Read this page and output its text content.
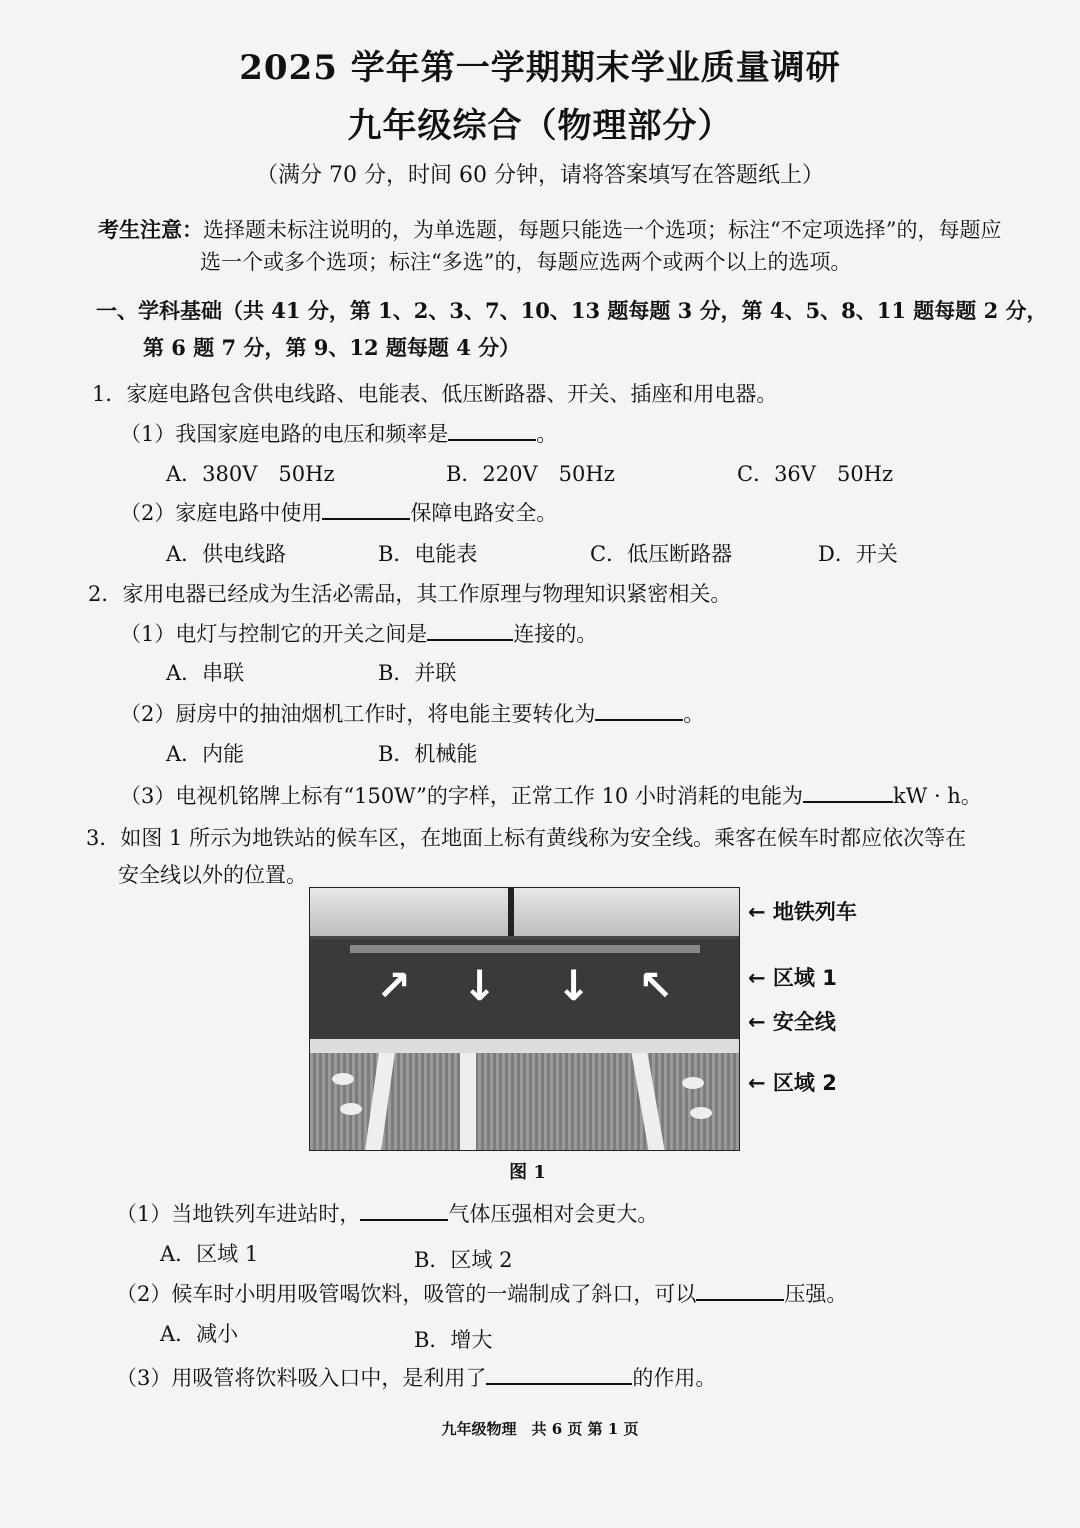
2025 学年第一学期期末学业质量调研
九年级综合（物理部分）
（满分 70 分，时间 60 分钟，请将答案填写在答题纸上）
考生注意：选择题未标注说明的，为单选题，每题只能选一个选项；标注“不定项选择”的，每题应
选一个或多个选项；标注“多选”的，每题应选两个或两个以上的选项。
一、学科基础（共 41 分，第 1、2、3、7、10、13 题每题 3 分，第 4、5、8、11 题每题 2 分，
第 6 题 7 分，第 9、12 题每题 4 分）
1．家庭电路包含供电线路、电能表、低压断路器、开关、插座和用电器。
（1）我国家庭电路的电压和频率是	。
A．380V　50Hz	B．220V　50Hz	C．36V　50Hz
（2）家庭电路中使用	保障电路安全。
A．供电线路	B．电能表	C．低压断路器	D．开关
2．家用电器已经成为生活必需品，其工作原理与物理知识紧密相关。
（1）电灯与控制它的开关之间是	连接的。
A．串联	B．并联
（2）厨房中的抽油烟机工作时，将电能主要转化为	。
A．内能	B．机械能
（3）电视机铭牌上标有“150W”的字样，正常工作 10 小时消耗的电能为	kW · h。
3．如图 1 所示为地铁站的候车区，在地面上标有黄线称为安全线。乘客在候车时都应依次等在
安全线以外的位置。
↗ ↓ ↓ ↖
← 地铁列车
← 区域 1
← 安全线
← 区域 2
图 1
（1）当地铁列车进站时，	气体压强相对会更大。
A．区域 1	B．区域 2
（2）候车时小明用吸管喝饮料，吸管的一端制成了斜口，可以	压强。
A．减小	B．增大
（3）用吸管将饮料吸入口中，是利用了	的作用。
九年级物理　共 6 页 第 1 页
